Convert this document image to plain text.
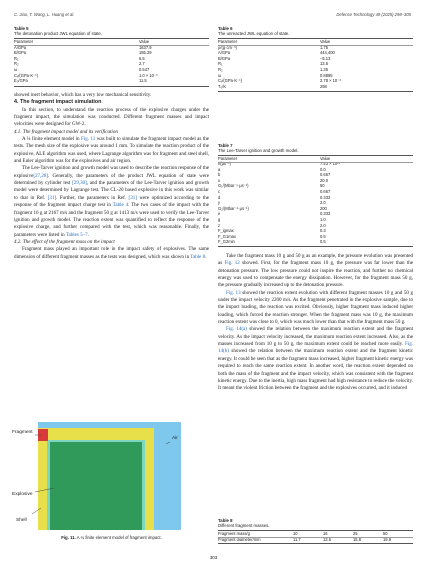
C. Jiao, T. Wang, L. Huang et al.	Defence Technology 49 (2025) 298–305
Table 5
The detonation product JWL equation of state.
Parameter	Value
A/GPa	1637.9
B/GPa	186.29
R₁	6.5
R₂	2.7
ω	0.547
Cᵥ/(GPa·K⁻¹)	1.0 × 10⁻³
E₀/GPa	11.5
Table 6
The unreacted JWL equation of state.
Parameter	Value
ρ/(g·cm⁻³)	1.75
A/GPa	444,400
B/GPa	−5.13
R₁	13.5
R₂	1.35
ω	0.8895
Cᵥ/(GPa·K⁻¹)	2.78 × 10⁻³
T₀/K	298
Table 7
The Lee-Tarver ignition and growth model.
Parameter	Value
I/(μs⁻¹)	7.43 × 10¹¹
a	0.0
b	0.667
x	20.0
G₁/(Mbar⁻ʸ·μs⁻¹)	50
c	0.667
d	0.333
y	2.0
G₂/(Mbar⁻ᶻ·μs⁻¹)	200
e	0.333
g	1.0
z	2.0
F_igmax	0.3
F_G1max	0.5
F_G2min	0.5

showed inert behavior, which has a very low mechanical sensitivity.

4. The fragment impact simulation

In this section, to understand the reaction process of the explosive charges under the fragment impact, the simulation was conducted. Different fragment masses and impact velocities were designed for GW-2.

4.1. The fragment impact model and its verification

A ¼ finite element model in Fig. 11 was built to simulate the fragment impact model as the tests. The mesh size of the explosive was around 1 mm. To simulate the reaction product of the explosive, ALE algorithm was used, where Lagrange algorithm was for fragment and steel shell, and Euler algorithm was for the explosives and air region.

The Lee-Tarver ignition and growth model was used to describe the reaction response of the explosive[27,28]. Generally, the parameters of the product JWL equation of state were determined by cylinder test [29,30], and the parameters of the Lee-Tarver ignition and growth model were determined by Lagrange test. The CL-20 based explosive in this work was similar to that in Ref. [31]. Further, the parameters in Ref. [31] were optimized according to the response of the fragment impact charge test in Table 4. The two cases of the impact with the fragment 16 g at 2167 m/s and the fragment 50 g at 1413 m/s were used to verify the Lee-Tarver ignition and growth model. The reaction extent was quantified to reflect the response of the explosive charge, and further compared with the test, which was reasonable. Finally, the parameters were listed in Tables 5–7.

4.2. The effect of the fragment mass on the impact

Fragment mass played an important role in the impact safety of explosives. The same dimension of different fragment masses as the tests was designed, which was shown in Table 8.

Fragment
Air
Explosive
Shell
Fig. 11. A ¼ finite element model of fragment impact.

Take the fragment mass 10 g and 50 g as an example, the pressure evolution was presented as Fig. 12 showed. First, for the fragment mass 10 g, the pressure was far lower than the detonation pressure. The low pressure could not inspire the reaction, and further no chemical energy was used to compensate the energy dissipation. However, for the fragment mass 50 g, the pressure gradually increased up to the detonation pressure.

Fig. 13 showed the reaction extent evolution with different fragment masses 10 g and 50 g under the impact velocity 2200 m/s. As the fragment penetrated in the explosive sample, due to the impact loading, the reaction was excited. Obviously, higher fragment mass induced higher loading, which forced the reaction stronger. When the fragment mass was 10 g, the maximum reaction extent was close to 0, which was much lower than that with the fragment mass 50 g.

Fig. 14(a) showed the relation between the maximum reaction extent and the fragment velocity. As the impact velocity increased, the maximum reaction extent increased. Also, as the masses increased from 10 g to 50 g, the maximum extent could be reached more easily. Fig. 14(b) showed the relation between the maximum reaction extent and the fragment kinetic energy. It could be seen that as the fragment mass increased, higher fragment kinetic energy was required to reach the same reaction extent. In another word, the reaction extent depended on both the mass of the fragment and the impact velocity, which was consistent with the fragment kinetic energy. Due to the inertia, high mass fragment had high resistance to reduce the velocity. It meant the violent friction between the fragment and the explosives occurred, and it induced

Table 8
Different fragment masses.
Fragment mass/g	10	16	25	50
Fragment diameter/mm	11.7	13.6	15.8	19.9
303
